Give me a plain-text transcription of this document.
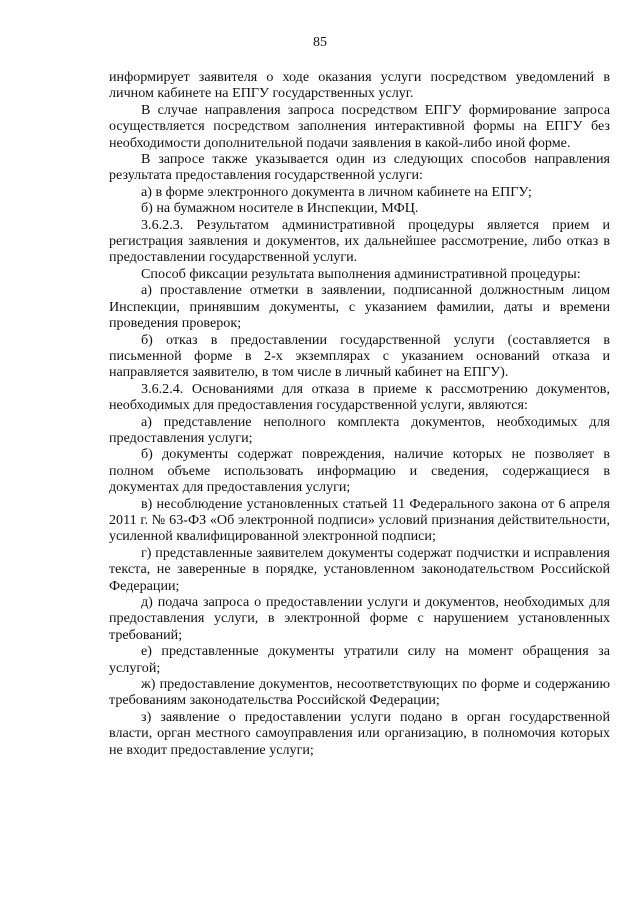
85

информирует заявителя о ходе оказания услуги посредством уведомлений в личном кабинете на ЕПГУ государственных услуг.

В случае направления запроса посредством ЕПГУ формирование запроса осуществляется посредством заполнения интерактивной формы на ЕПГУ без необходимости дополнительной подачи заявления в какой-либо иной форме.

В запросе также указывается один из следующих способов направления результата предоставления государственной услуги:

а) в форме электронного документа в личном кабинете на ЕПГУ;

б) на бумажном носителе в Инспекции, МФЦ.

3.6.2.3. Результатом административной процедуры является прием и регистрация заявления и документов, их дальнейшее рассмотрение, либо отказ в предоставлении государственной услуги.

Способ фиксации результата выполнения административной процедуры:

а) проставление отметки в заявлении, подписанной должностным лицом Инспекции, принявшим документы, с указанием фамилии, даты и времени проведения проверок;

б) отказ в предоставлении государственной услуги (составляется в письменной форме в 2-х экземплярах с указанием оснований отказа и направляется заявителю, в том числе в личный кабинет на ЕПГУ).

3.6.2.4. Основаниями для отказа в приеме к рассмотрению документов, необходимых для предоставления государственной услуги, являются:

а) представление неполного комплекта документов, необходимых для предоставления услуги;

б) документы содержат повреждения, наличие которых не позволяет в полном объеме использовать информацию и сведения, содержащиеся в документах для предоставления услуги;

в) несоблюдение установленных статьей 11 Федерального закона от 6 апреля 2011 г. № 63-ФЗ «Об электронной подписи» условий признания действительности, усиленной квалифицированной электронной подписи;

г) представленные заявителем документы содержат подчистки и исправления текста, не заверенные в порядке, установленном законодательством Российской Федерации;

д) подача запроса о предоставлении услуги и документов, необходимых для предоставления услуги, в электронной форме с нарушением установленных требований;

е) представленные документы утратили силу на момент обращения за услугой;

ж) предоставление документов, несоответствующих по форме и содержанию требованиям законодательства Российской Федерации;

з) заявление о предоставлении услуги подано в орган государственной власти, орган местного самоуправления или организацию, в полномочия которых не входит предоставление услуги;
